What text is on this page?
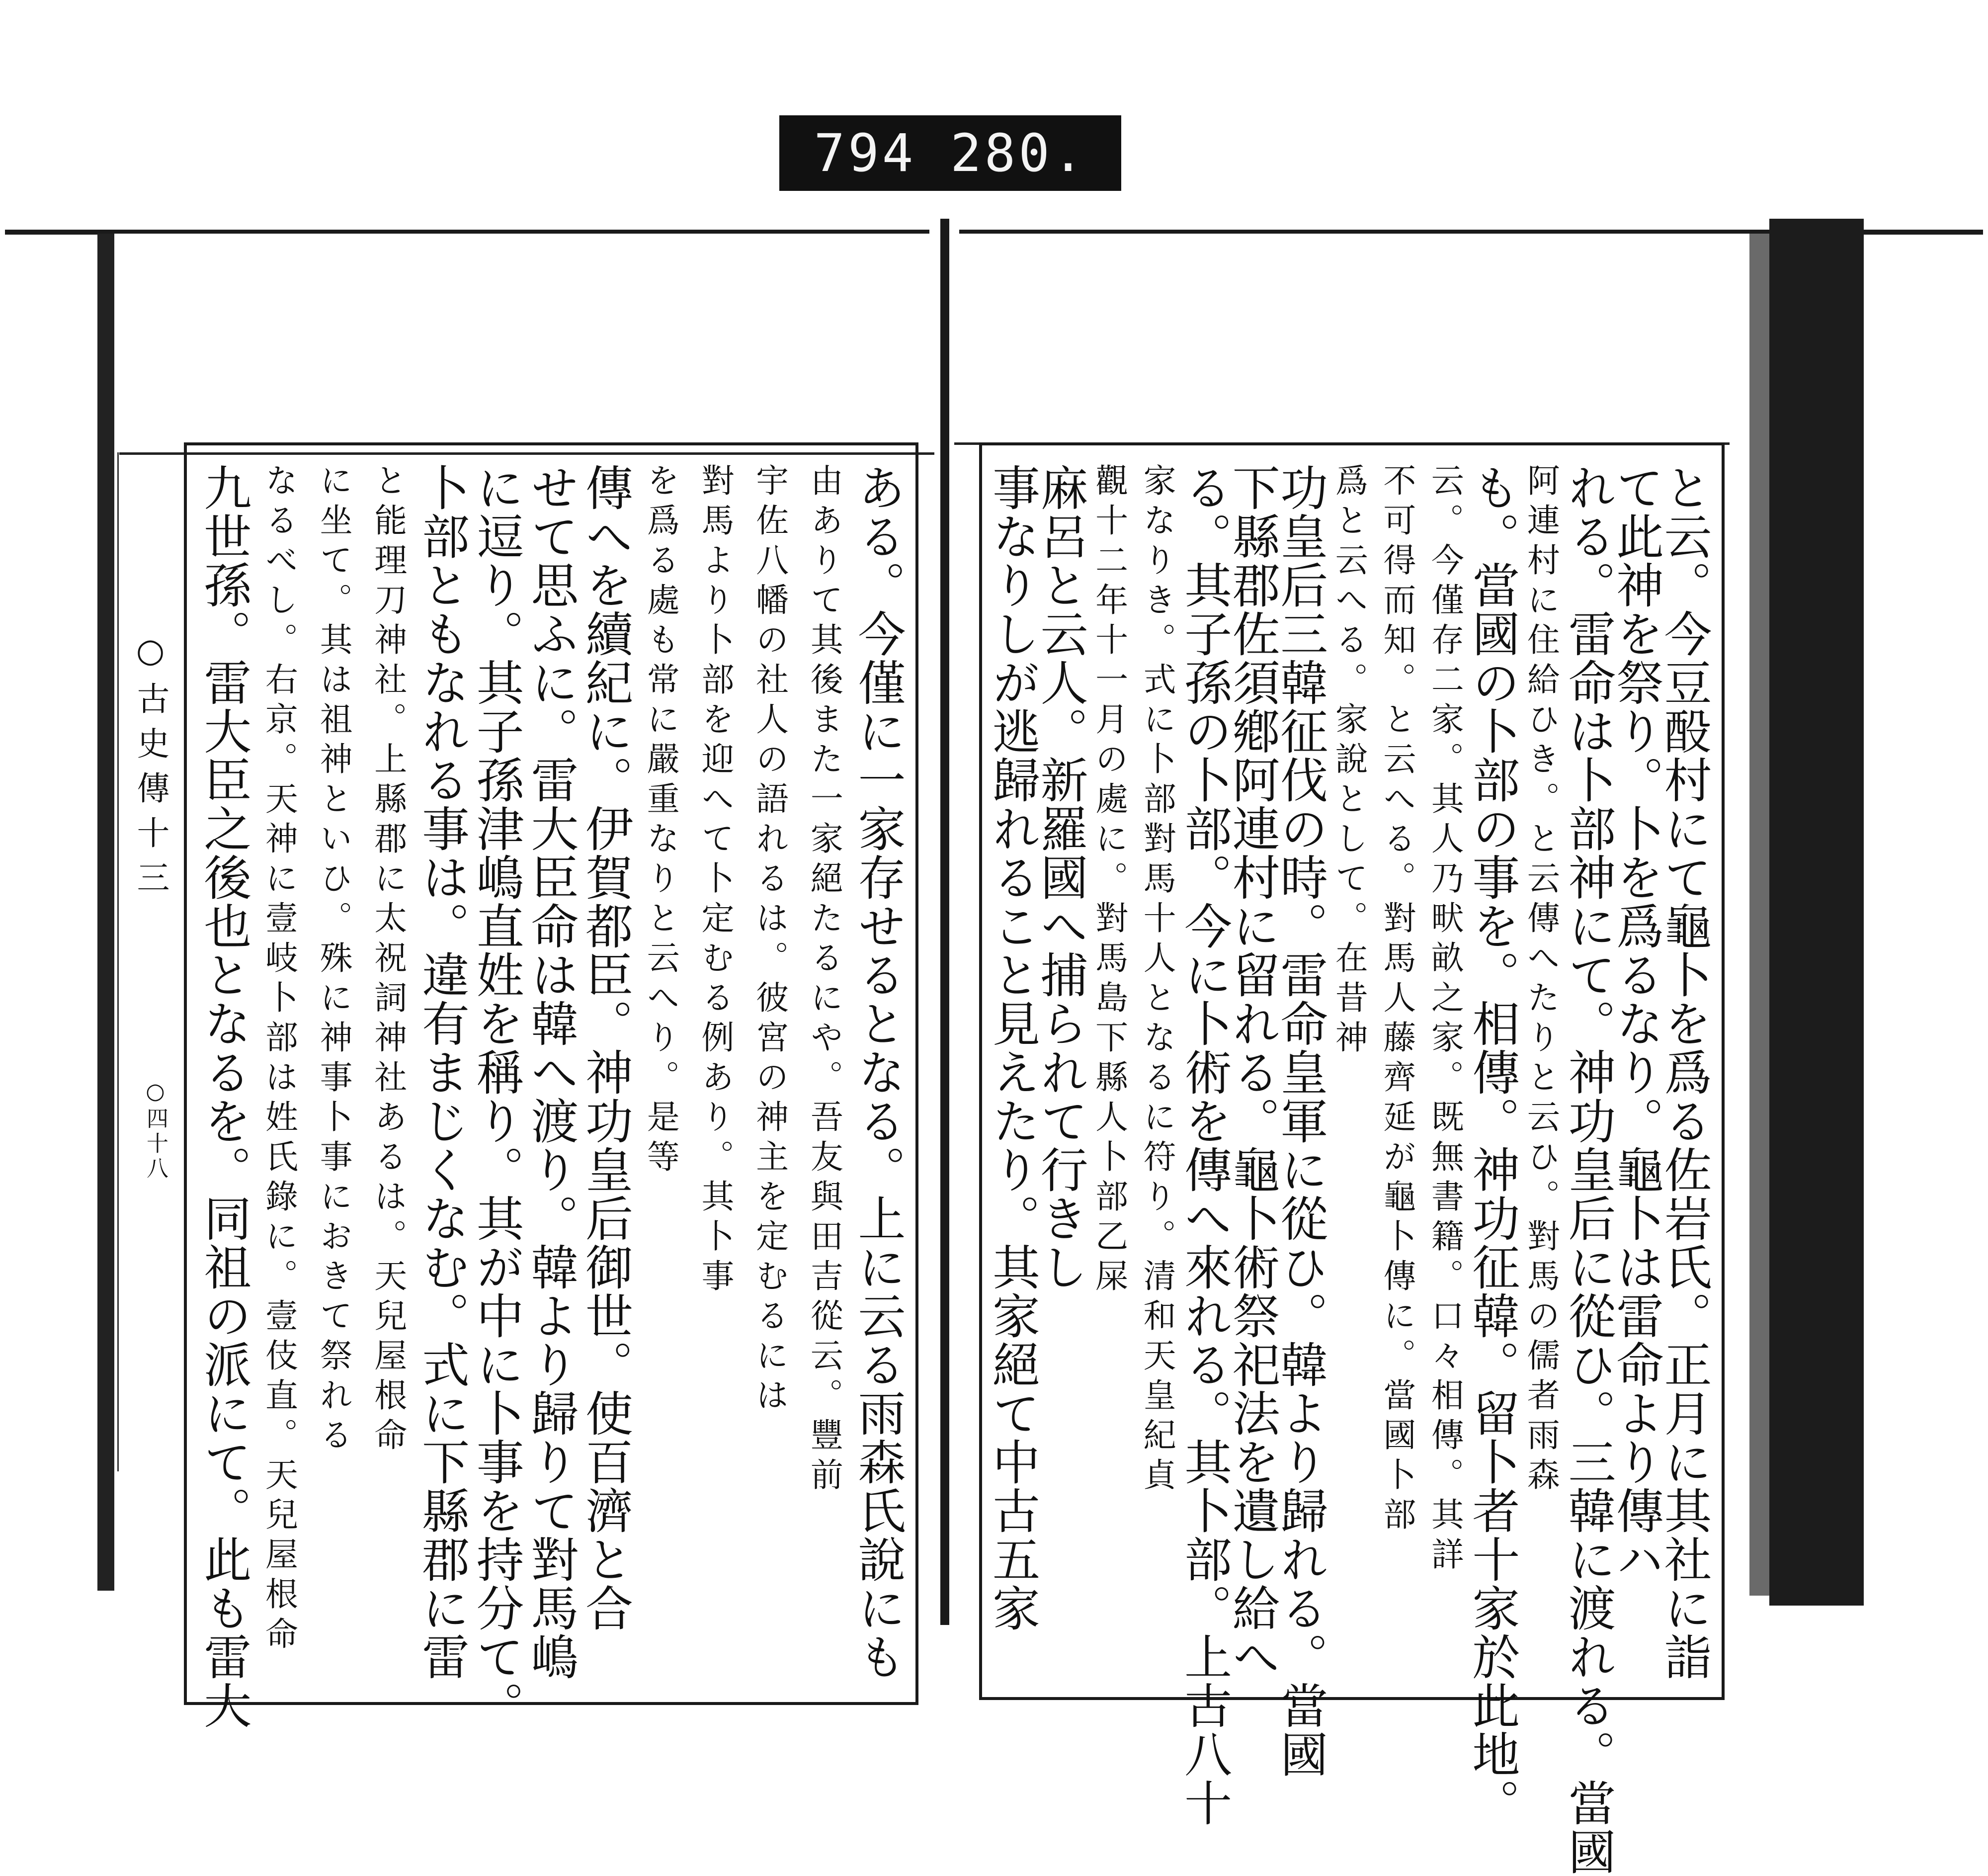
794 280.
ある。今僅に一家存せるとなる。上に云る雨森氏說にも
由ありて其後また一家絕たるにや。吾友與田吉從云。豐前
宇佐八幡の社人の語れるは。彼宮の神主を定むるには
對馬より卜部を迎へて卜定むる例あり。其卜事
を爲る處も常に嚴重なりと云へり。是等
傳へを續紀に。伊賀都臣。神功皇后御世。使百濟と合
せて思ふに。雷大臣命は韓へ渡り。韓より歸りて對馬嶋
に逗り。其子孫津嶋直姓を稱り。其が中に卜事を持分て。
卜部ともなれる事は。違有まじくなむ。式に下縣郡に雷
と能理刀神社。上縣郡に太祝詞神社あるは。天兒屋根命
に坐て。其は祖神といひ。殊に神事卜事におきて祭れる
なるべし。右京。天神に壹岐卜部は姓氏錄に。壹伎直。天兒屋根命
九世孫。雷大臣之後也となるを。同祖の派にて。此も雷大
○古史傳十三
○四十八	と云。今豆酘村にて龜卜を爲る佐岩氏。正月に其社に詣
て此神を祭り。卜を爲るなり。龜卜は雷命より傳ハ
れる。雷命は卜部神にて。神功皇后に從ひ。三韓に渡れる。當國
阿連村に住給ひき。と云傳へたりと云ひ。對馬の儒者雨森
も。當國の卜部の事を。相傳。神功征韓。留卜者十家於此地。
云。今僅存二家。其人乃畎畝之家。既無書籍。口々相傳。其詳
不可得而知。と云へる。對馬人藤齊延が龜卜傳に。當國卜部
爲と云へる。家說として。在昔神
功皇后三韓征伐の時。雷命皇軍に從ひ。韓より歸れる。當國
下縣郡佐須鄕阿連村に留れる。龜卜術祭祀法を遺し給へ
る。其子孫の卜部。今に卜術を傳へ來れる。其卜部。上古八十
家なりき。式に卜部對馬十人となるに符り。清和天皇紀貞
觀十二年十一月の處に。對馬島下縣人卜部乙屎
麻呂と云人。新羅國へ捕られて行きし
事なりしが逃歸れること見えたり。其家絕て中古五家
